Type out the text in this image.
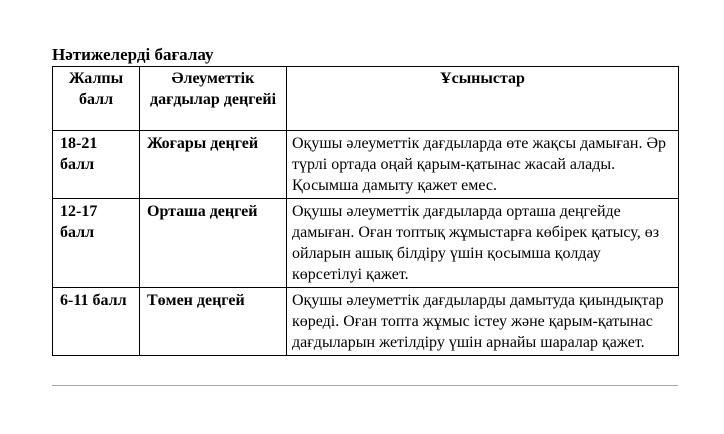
Нәтижелерді бағалау
Жалпы балл	Әлеуметтік дағдылар деңгейі	Ұсыныстар
18-21 балл	Жоғары деңгей	Оқушы әлеуметтік дағдыларда өте жақсы дамыған. Әр түрлі ортада оңай қарым-қатынас жасай алады. Қосымша дамыту қажет емес.
12-17 балл	Орташа деңгей	Оқушы әлеуметтік дағдыларда орташа деңгейде дамыған. Оған топтық жұмыстарға көбірек қатысу, өз ойларын ашық білдіру үшін қосымша қолдау көрсетілуі қажет.
6-11 балл	Төмен деңгей	Оқушы әлеуметтік дағдыларды дамытуда қиындықтар көреді. Оған топта жұмыс істеу және қарым-қатынас дағдыларын жетілдіру үшін арнайы шаралар қажет.
